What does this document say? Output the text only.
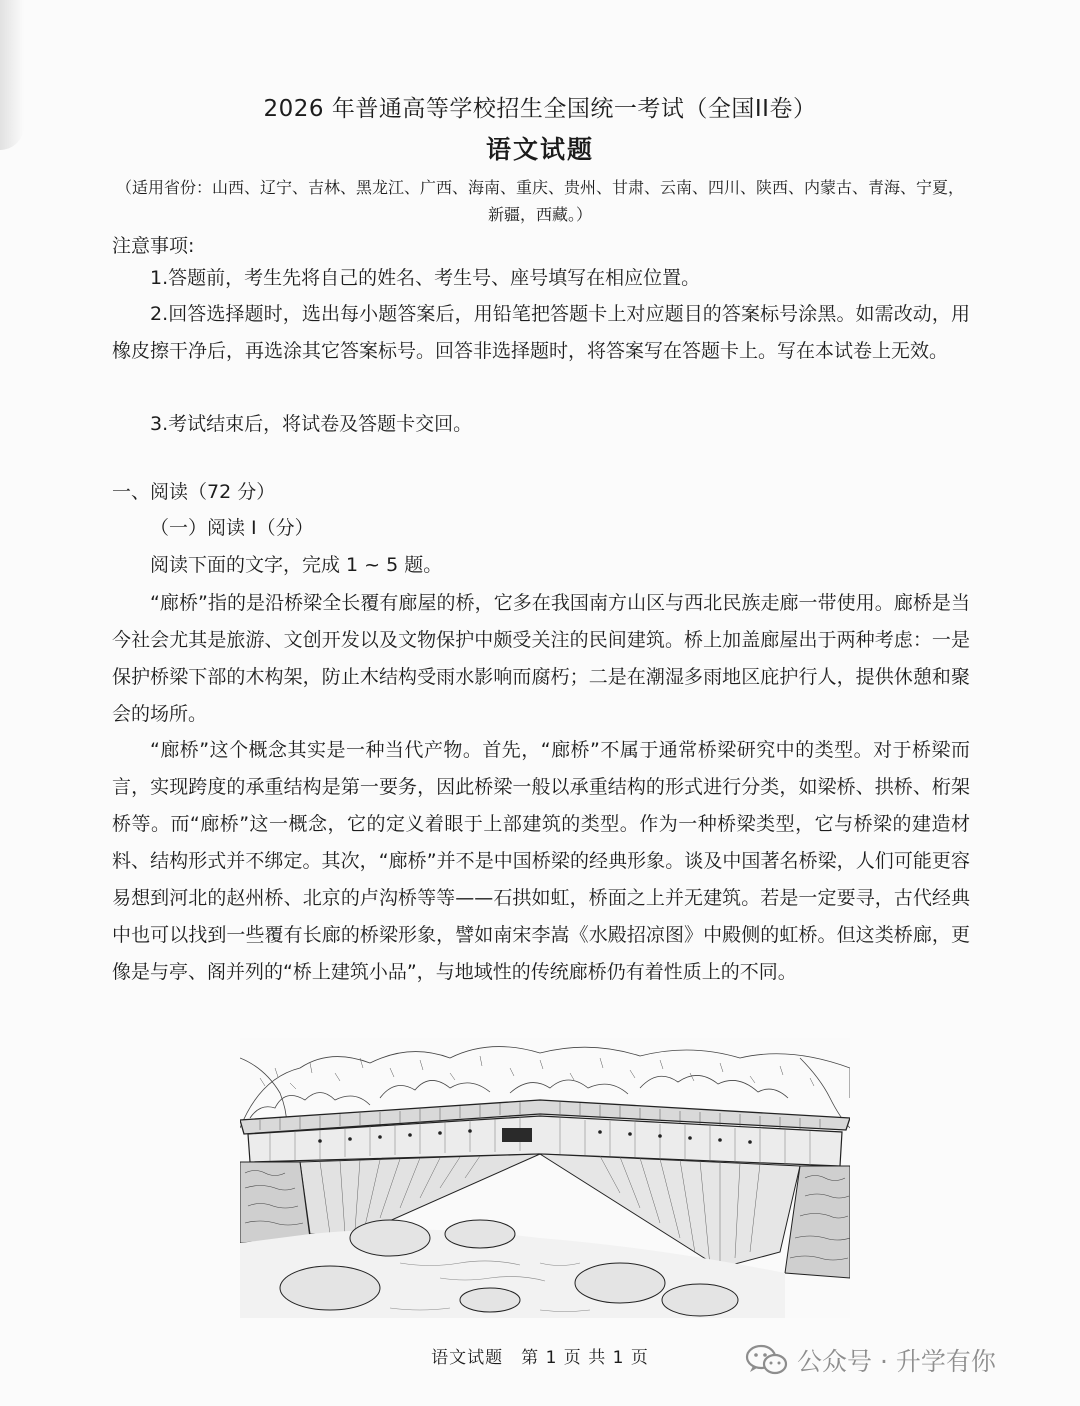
2026 年普通高等学校招生全国统一考试（全国II卷）
语文试题
（适用省份：山西、辽宁、吉林、黑龙江、广西、海南、重庆、贵州、甘肃、云南、四川、陕西、内蒙古、青海、宁夏，新疆，西藏。）
注意事项:
1.答题前，考生先将自己的姓名、考生号、座号填写在相应位置。
2.回答选择题时，选出每小题答案后，用铅笔把答题卡上对应题目的答案标号涂黑。如需改动，用橡皮擦干净后，再选涂其它答案标号。回答非选择题时，将答案写在答题卡上。写在本试卷上无效。
3.考试结束后，将试卷及答题卡交回。
一、阅读（72 分）
（一）阅读 I（分）
阅读下面的文字，完成 1 ~ 5 题。
“廊桥”指的是沿桥梁全长覆有廊屋的桥，它多在我国南方山区与西北民族走廊一带使用。廊桥是当今社会尤其是旅游、文创开发以及文物保护中颇受关注的民间建筑。桥上加盖廊屋出于两种考虑：一是保护桥梁下部的木构架，防止木结构受雨水影响而腐朽；二是在潮湿多雨地区庇护行人，提供休憩和聚会的场所。
“廊桥”这个概念其实是一种当代产物。首先，“廊桥”不属于通常桥梁研究中的类型。对于桥梁而言，实现跨度的承重结构是第一要务，因此桥梁一般以承重结构的形式进行分类，如梁桥、拱桥、桁架桥等。而“廊桥”这一概念，它的定义着眼于上部建筑的类型。作为一种桥梁类型，它与桥梁的建造材料、结构形式并不绑定。其次，“廊桥”并不是中国桥梁的经典形象。谈及中国著名桥梁，人们可能更容易想到河北的赵州桥、北京的卢沟桥等等——石拱如虹，桥面之上并无建筑。若是一定要寻，古代经典中也可以找到一些覆有长廊的桥梁形象，譬如南宋李嵩《水殿招凉图》中殿侧的虹桥。但这类桥廊，更像是与亭、阁并列的“桥上建筑小品”，与地域性的传统廊桥仍有着性质上的不同。
语文试题　第 1 页 共 1 页	公众号 · 升学有你
